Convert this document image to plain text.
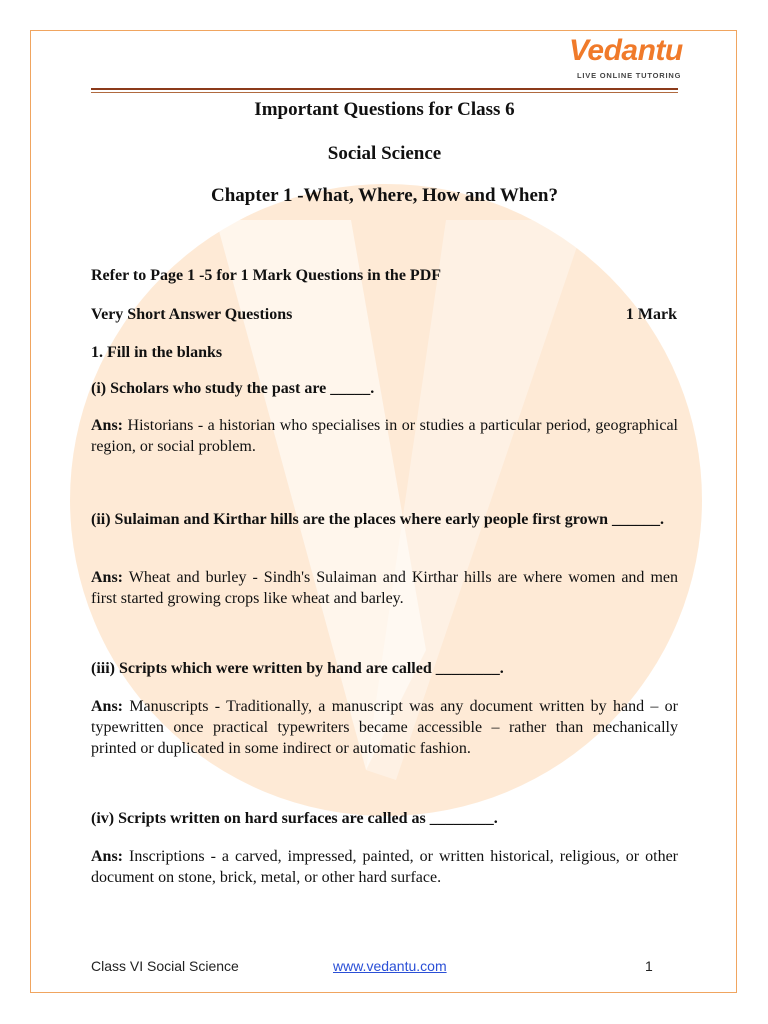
Vedantu
LIVE ONLINE TUTORING
Important Questions for Class 6
Social Science
Chapter 1 -What, Where, How and When?
Refer to Page 1 -5 for 1 Mark Questions in the PDF
Very Short Answer Questions	1 Mark
1. Fill in the blanks
(i) Scholars who study the past are _____.
Ans: Historians - a historian who specialises in or studies a particular period, geographical region, or social problem.
(ii) Sulaiman and Kirthar hills are the places where early people first grown ______.
Ans: Wheat and burley - Sindh's Sulaiman and Kirthar hills are where women and men first started growing crops like wheat and barley.
(iii) Scripts which were written by hand are called ________.
Ans: Manuscripts - Traditionally, a manuscript was any document written by hand – or typewritten once practical typewriters became accessible – rather than mechanically printed or duplicated in some indirect or automatic fashion.
(iv) Scripts written on hard surfaces are called as ________.
Ans: Inscriptions - a carved, impressed, painted, or written historical, religious, or other document on stone, brick, metal, or other hard surface.
Class VI Social Science	www.vedantu.com	1
